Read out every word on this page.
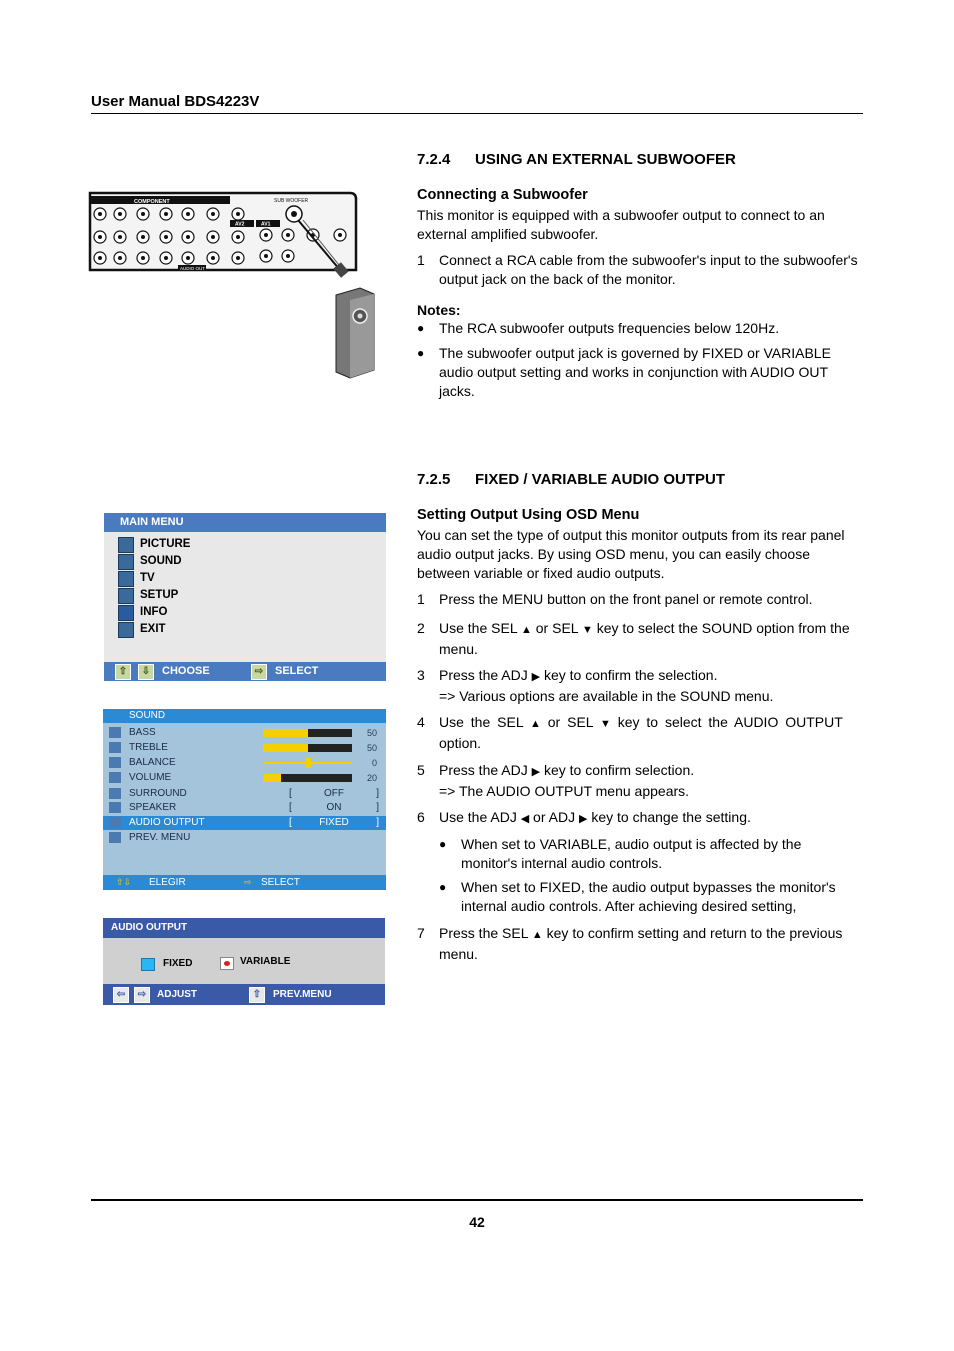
User Manual BDS4223V
7.2.4 USING AN EXTERNAL SUBWOOFER
Connecting a Subwoofer
This monitor is equipped with a subwoofer output to connect to an external amplified subwoofer.
1 Connect a RCA cable from the subwoofer's input to the subwoofer's output jack on the back of the monitor.
Notes:
● The RCA subwoofer outputs frequencies below 120Hz.
● The subwoofer output jack is governed by FIXED or VARIABLE audio output setting and works in conjunction with AUDIO OUT jacks.
COMPONENT
AV2	AV1
SUB WOOFER
AUDIO OUT
7.2.5 FIXED / VARIABLE AUDIO OUTPUT
Setting Output Using OSD Menu
You can set the type of output this monitor outputs from its rear panel audio output jacks. By using OSD menu, you can easily choose between variable or fixed audio outputs.
1 Press the MENU button on the front panel or remote control.
2 Use the SEL ▲ or SEL ▼ key to select the SOUND option from the menu.
3 Press the ADJ ▶ key to confirm the selection.
=> Various options are available in the SOUND menu.
4 Use the SEL ▲ or SEL ▼ key to select the AUDIO OUTPUT option.
5 Press the ADJ ▶ key to confirm selection.
=> The AUDIO OUTPUT menu appears.
6 Use the ADJ ◀ or ADJ ▶ key to change the setting.
● When set to VARIABLE, audio output is affected by the monitor's internal audio controls.
● When set to FIXED, the audio output bypasses the monitor's internal audio controls. After achieving desired setting,
7 Press the SEL ▲ key to confirm setting and return to the previous menu.
MAIN MENU
PICTURE
SOUND
TV
SETUP
INFO
EXIT
⇧	⇩	CHOOSE	⇨	SELECT
SOUND
BASS	50
TREBLE	50
BALANCE	0
VOLUME	20
SURROUND	[	OFF	]
SPEAKER	[	ON	]
AUDIO OUTPUT	[	FIXED	]
PREV. MENU
⇧⇩ ELEGIR	⇨ SELECT
AUDIO OUTPUT
FIXED	VARIABLE
⇦	⇨	ADJUST	⇧	PREV.MENU
42
